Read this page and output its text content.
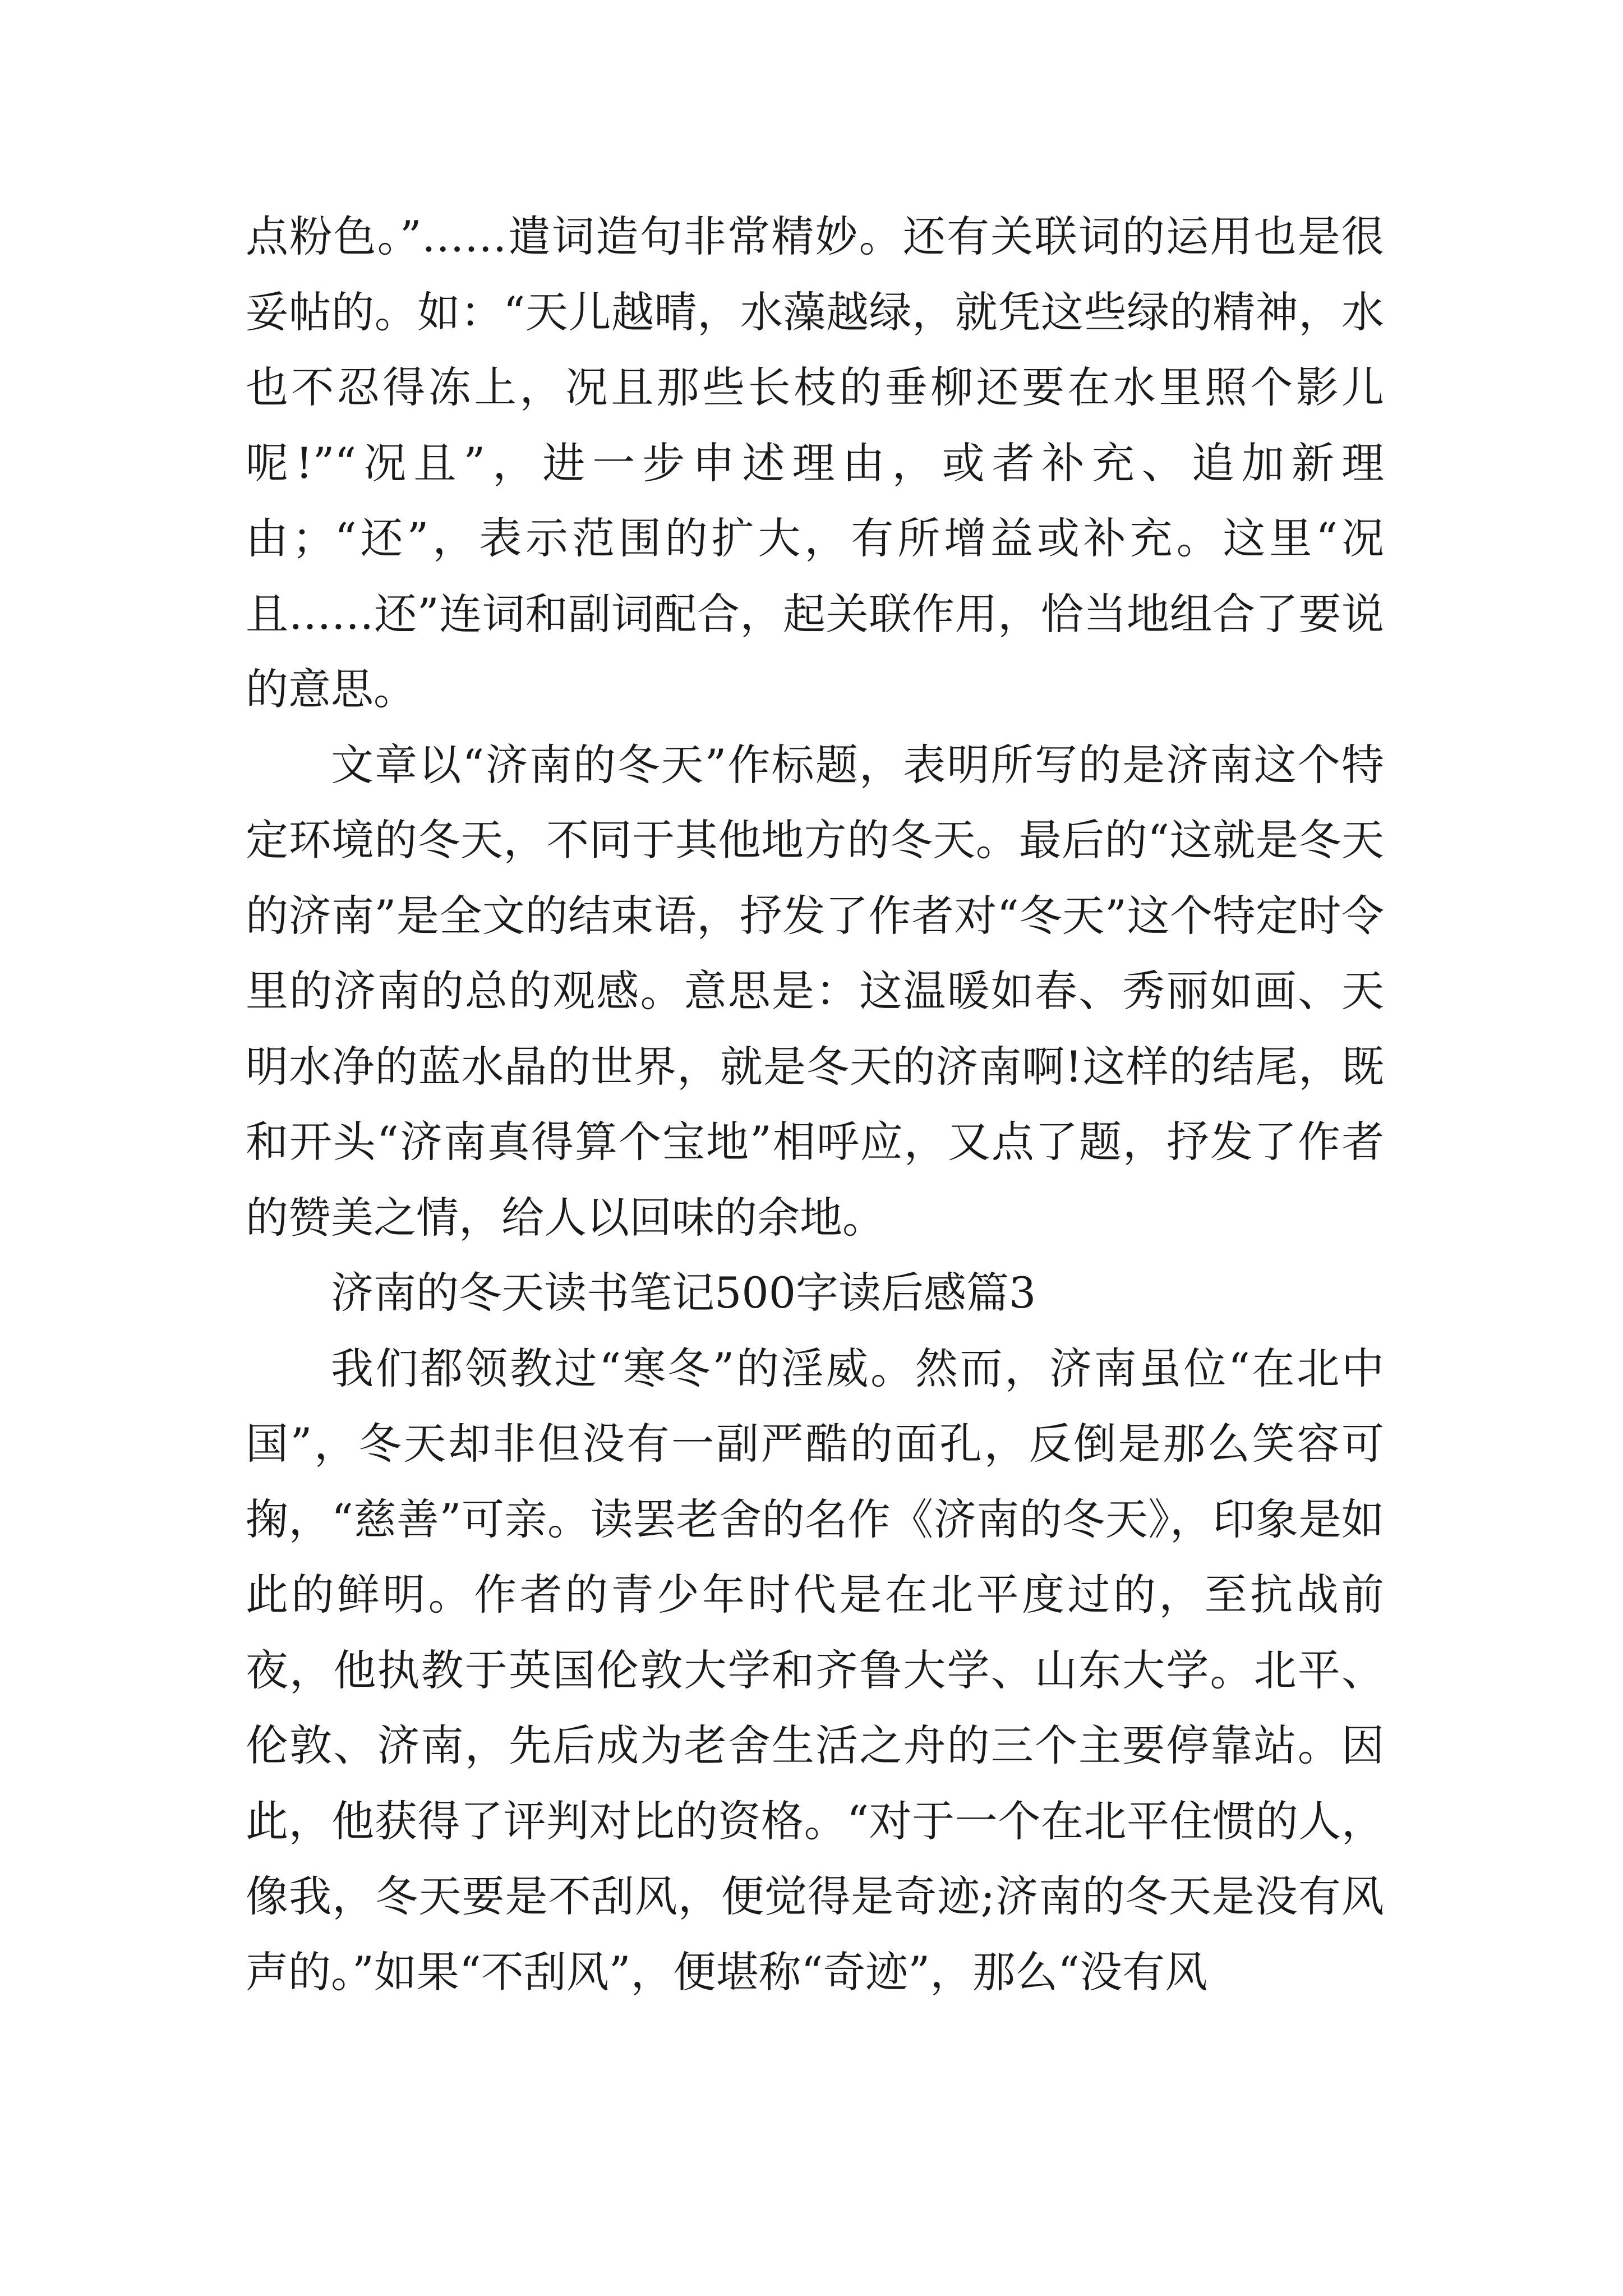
点粉色。”……遣词造句非常精妙。还有关联词的运用也是很妥帖的。如：“天儿越晴，水藻越绿，就凭这些绿的精神，水也不忍得冻上，况且那些长枝的垂柳还要在水里照个影儿呢!”“况且”，进一步申述理由，或者补充、追加新理由；“还”，表示范围的扩大，有所增益或补充。这里“况且……还”连词和副词配合，起关联作用，恰当地组合了要说的意思。

文章以“济南的冬天”作标题，表明所写的是济南这个特定环境的冬天，不同于其他地方的冬天。最后的“这就是冬天的济南”是全文的结束语，抒发了作者对“冬天”这个特定时令里的济南的总的观感。意思是：这温暖如春、秀丽如画、天明水净的蓝水晶的世界，就是冬天的济南啊!这样的结尾，既和开头“济南真得算个宝地”相呼应，又点了题，抒发了作者的赞美之情，给人以回味的余地。

济南的冬天读书笔记500字读后感篇3

我们都领教过“寒冬”的淫威。然而，济南虽位“在北中国”，冬天却非但没有一副严酷的面孔，反倒是那么笑容可掬，“慈善”可亲。读罢老舍的名作《济南的冬天》，印象是如此的鲜明。作者的青少年时代是在北平度过的，至抗战前夜，他执教于英国伦敦大学和齐鲁大学、山东大学。北平、伦敦、济南，先后成为老舍生活之舟的三个主要停靠站。因此，他获得了评判对比的资格。“对于一个在北平住惯的人，像我，冬天要是不刮风，便觉得是奇迹;济南的冬天是没有风声的。”如果“不刮风”，便堪称“奇迹”，那么“没有风
